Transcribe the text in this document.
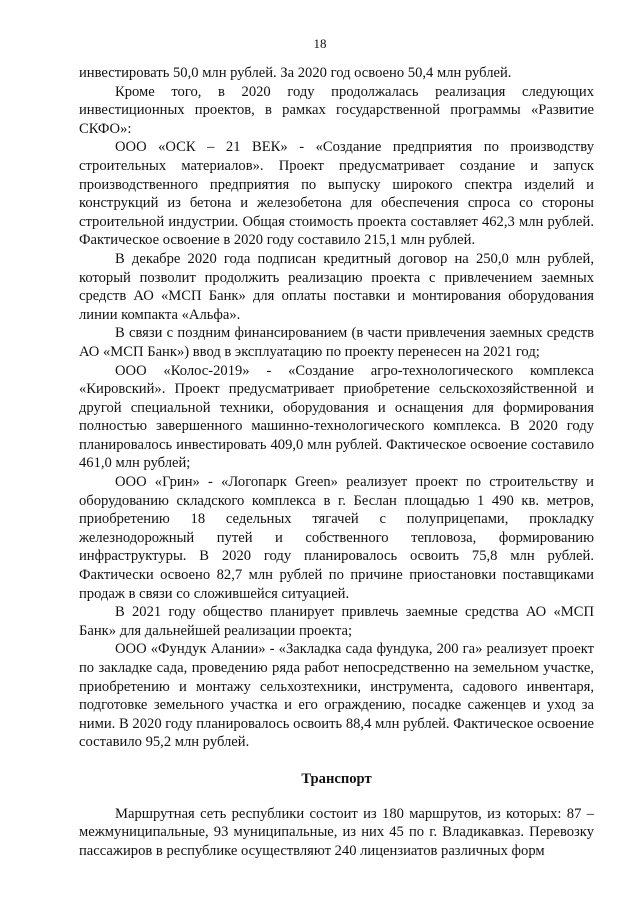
18

инвестировать 50,0 млн рублей. За 2020 год освоено 50,4 млн рублей.

Кроме того, в 2020 году продолжалась реализация следующих инвестиционных проектов, в рамках государственной программы «Развитие СКФО»:

ООО «ОСК – 21 ВЕК» - «Создание предприятия по производству строительных материалов». Проект предусматривает создание и запуск производственного предприятия по выпуску широкого спектра изделий и конструкций из бетона и железобетона для обеспечения спроса со стороны строительной индустрии. Общая стоимость проекта составляет 462,3 млн рублей. Фактическое освоение в 2020 году составило 215,1 млн рублей.

В декабре 2020 года подписан кредитный договор на 250,0 млн рублей, который позволит продолжить реализацию проекта с привлечением заемных средств АО «МСП Банк» для оплаты поставки и монтирования оборудования линии компакта «Альфа».

В связи с поздним финансированием (в части привлечения заемных средств АО «МСП Банк») ввод в эксплуатацию по проекту перенесен на 2021 год;

ООО «Колос-2019» - «Создание агро-технологического комплекса «Кировский». Проект предусматривает приобретение сельскохозяйственной и другой специальной техники, оборудования и оснащения для формирования полностью завершенного машинно-технологического комплекса. В 2020 году планировалось инвестировать 409,0 млн рублей. Фактическое освоение составило 461,0 млн рублей;

ООО «Грин» - «Логопарк Green» реализует проект по строительству и оборудованию складского комплекса в г. Беслан площадью 1 490 кв. метров, приобретению 18 седельных тягачей с полуприцепами, прокладку железнодорожный путей и собственного тепловоза, формированию инфраструктуры. В 2020 году планировалось освоить 75,8 млн рублей. Фактически освоено 82,7 млн рублей по причине приостановки поставщиками продаж в связи со сложившейся ситуацией.

В 2021 году общество планирует привлечь заемные средства АО «МСП Банк» для дальнейшей реализации проекта;

ООО «Фундук Алании» - «Закладка сада фундука, 200 га» реализует проект по закладке сада, проведению ряда работ непосредственно на земельном участке, приобретению и монтажу сельхозтехники, инструмента, садового инвентаря, подготовке земельного участка и его ограждению, посадке саженцев и уход за ними. В 2020 году планировалось освоить 88,4 млн рублей. Фактическое освоение составило 95,2 млн рублей.

Транспорт

Маршрутная сеть республики состоит из 180 маршрутов, из которых: 87 – межмуниципальные, 93 муниципальные, из них 45 по г. Владикавказ. Перевозку пассажиров в республике осуществляют 240 лицензиатов различных форм
